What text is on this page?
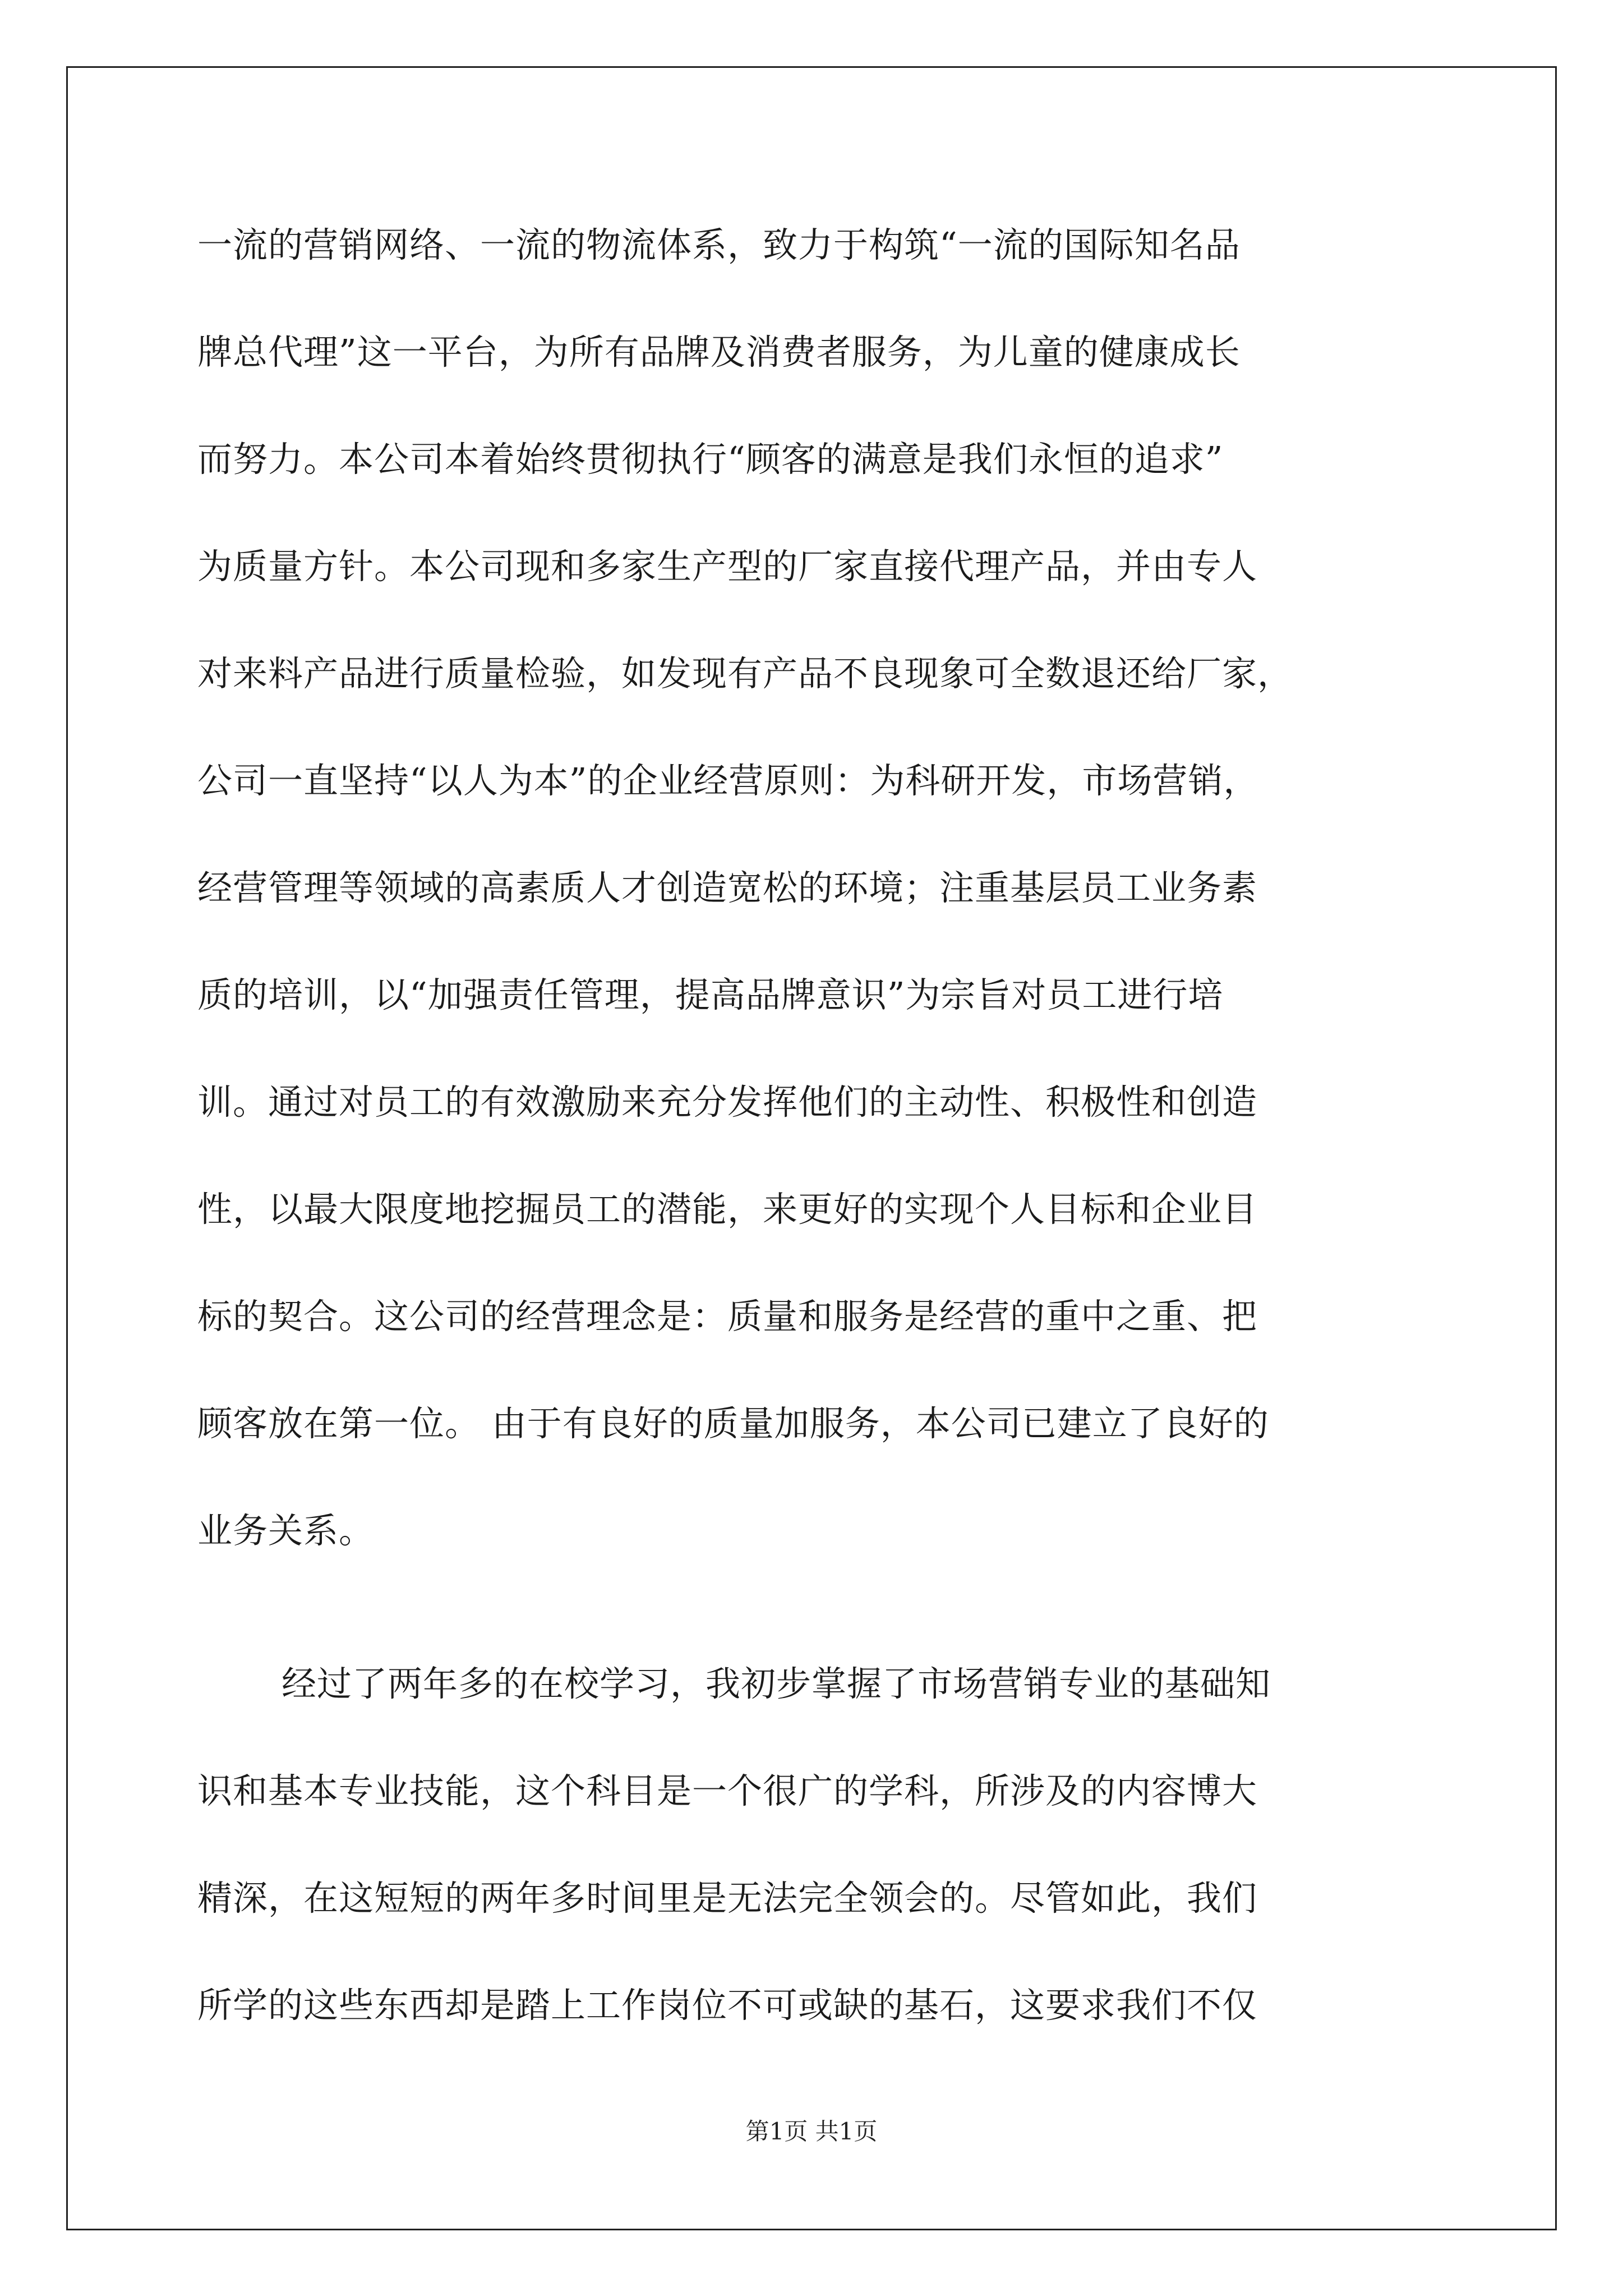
一流的营销网络、一流的物流体系，致力于构筑“一流的国际知名品
牌总代理”这一平台，为所有品牌及消费者服务，为儿童的健康成长
而努力。本公司本着始终贯彻执行“顾客的满意是我们永恒的追求”
为质量方针。本公司现和多家生产型的厂家直接代理产品，并由专人
对来料产品进行质量检验，如发现有产品不良现象可全数退还给厂家，
公司一直坚持“以人为本”的企业经营原则：为科研开发，市场营销，
经营管理等领域的高素质人才创造宽松的环境；注重基层员工业务素
质的培训，以“加强责任管理，提高品牌意识”为宗旨对员工进行培
训。通过对员工的有效激励来充分发挥他们的主动性、积极性和创造
性，以最大限度地挖掘员工的潜能，来更好的实现个人目标和企业目
标的契合。这公司的经营理念是：质量和服务是经营的重中之重、把
顾客放在第一位。 由于有良好的质量加服务，本公司已建立了良好的
业务关系。
经过了两年多的在校学习，我初步掌握了市场营销专业的基础知
识和基本专业技能，这个科目是一个很广的学科，所涉及的内容博大
精深，在这短短的两年多时间里是无法完全领会的。尽管如此，我们
所学的这些东西却是踏上工作岗位不可或缺的基石，这要求我们不仅
第1页 共1页
